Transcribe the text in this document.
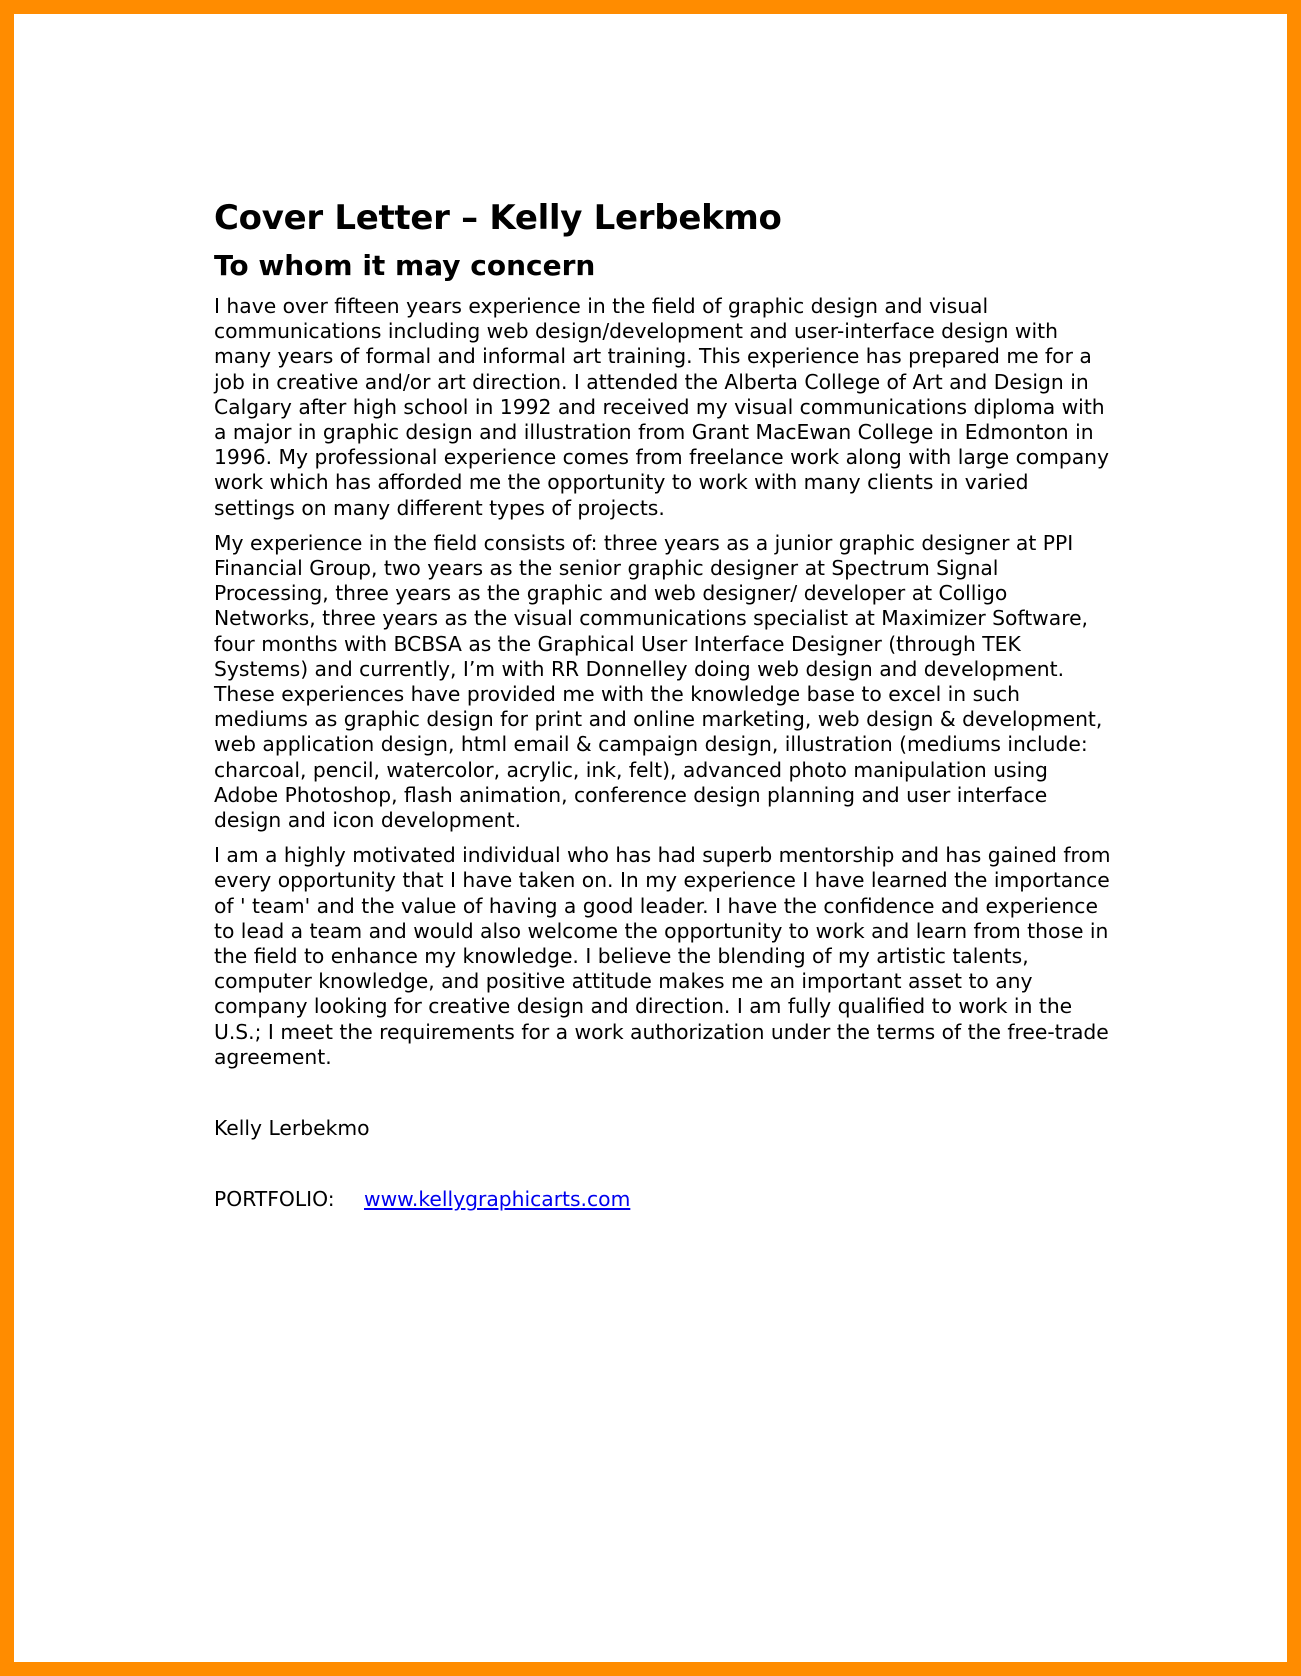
Cover Letter – Kelly Lerbekmo
To whom it may concern

I have over fifteen years experience in the field of graphic design and visual communications including web design/development and user-interface design with many years of formal and informal art training. This experience has prepared me for a job in creative and/or art direction. I attended the Alberta College of Art and Design in Calgary after high school in 1992 and received my visual communications diploma with a major in graphic design and illustration from Grant MacEwan College in Edmonton in 1996. My professional experience comes from freelance work along with large company work which has afforded me the opportunity to work with many clients in varied settings on many different types of projects.

My experience in the field consists of: three years as a junior graphic designer at PPI Financial Group, two years as the senior graphic designer at Spectrum Signal Processing, three years as the graphic and web designer/ developer at Colligo Networks, three years as the visual communications specialist at Maximizer Software, four months with BCBSA as the Graphical User Interface Designer (through TEK Systems) and currently, I’m with RR Donnelley doing web design and development. These experiences have provided me with the knowledge base to excel in such mediums as graphic design for print and online marketing, web design & development, web application design, html email & campaign design, illustration (mediums include: charcoal, pencil, watercolor, acrylic, ink, felt), advanced photo manipulation using Adobe Photoshop, flash animation, conference design planning and user interface design and icon development.

I am a highly motivated individual who has had superb mentorship and has gained from every opportunity that I have taken on. In my experience I have learned the importance of ' team' and the value of having a good leader. I have the confidence and experience to lead a team and would also welcome the opportunity to work and learn from those in the field to enhance my knowledge. I believe the blending of my artistic talents, computer knowledge, and positive attitude makes me an important asset to any company looking for creative design and direction. I am fully qualified to work in the U.S.; I meet the requirements for a work authorization under the terms of the free-trade agreement.

Kelly Lerbekmo
PORTFOLIO:	www.kellygraphicarts.com
